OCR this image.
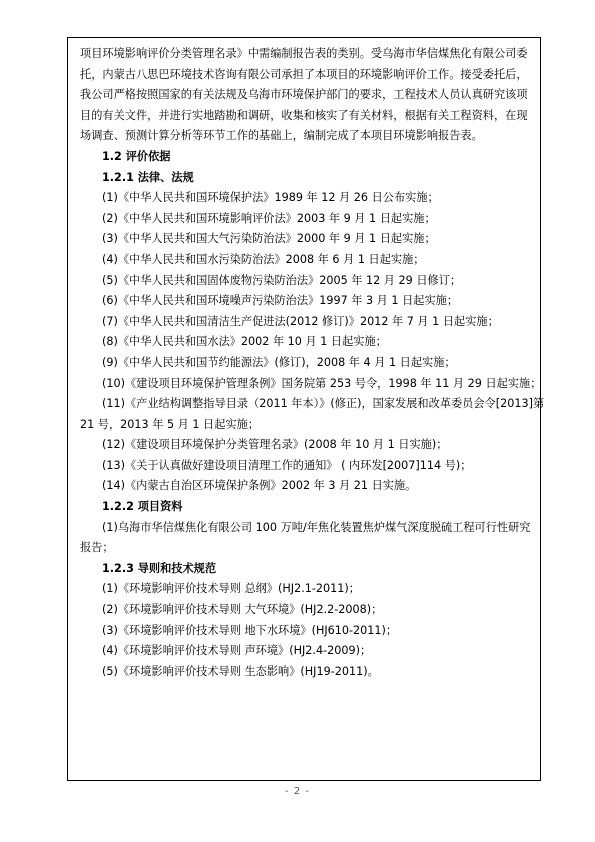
项目环境影响评价分类管理名录》中需编制报告表的类别。受乌海市华信煤焦化有限公司委
托，内蒙古八思巴环境技术咨询有限公司承担了本项目的环境影响评价工作。接受委托后，
我公司严格按照国家的有关法规及乌海市环境保护部门的要求，工程技术人员认真研究该项
目的有关文件，并进行实地踏勘和调研，收集和核实了有关材料，根据有关工程资料，在现
场调查、预测计算分析等环节工作的基础上，编制完成了本项目环境影响报告表。
1.2 评价依据
1.2.1 法律、法规
(1)《中华人民共和国环境保护法》1989 年 12 月 26 日公布实施；
(2)《中华人民共和国环境影响评价法》2003 年 9 月 1 日起实施；
(3)《中华人民共和国大气污染防治法》2000 年 9 月 1 日起实施；
(4)《中华人民共和国水污染防治法》2008 年 6 月 1 日起实施；
(5)《中华人民共和国固体废物污染防治法》2005 年 12 月 29 日修订；
(6)《中华人民共和国环境噪声污染防治法》1997 年 3 月 1 日起实施；
(7)《中华人民共和国清洁生产促进法(2012 修订)》2012 年 7 月 1 日起实施；
(8)《中华人民共和国水法》2002 年 10 月 1 日起实施；
(9)《中华人民共和国节约能源法》(修订)，2008 年 4 月 1 日起实施；
(10)《建设项目环境保护管理条例》国务院第 253 号令，1998 年 11 月 29 日起实施；
(11)《产业结构调整指导目录（2011 年本）》(修正)，国家发展和改革委员会令[2013]第
21 号，2013 年 5 月 1 日起实施；
(12)《建设项目环境保护分类管理名录》(2008 年 10 月 1 日实施)；
(13)《关于认真做好建设项目清理工作的通知》 ( 内环发[2007]114 号)；
(14)《内蒙古自治区环境保护条例》2002 年 3 月 21 日实施。
1.2.2 项目资料
(1)乌海市华信煤焦化有限公司 100 万吨/年焦化装置焦炉煤气深度脱硫工程可行性研究
报告；
1.2.3 导则和技术规范
(1)《环境影响评价技术导则 总纲》(HJ2.1-2011)；
(2)《环境影响评价技术导则 大气环境》(HJ2.2-2008)；
(3)《环境影响评价技术导则 地下水环境》(HJ610-2011)；
(4)《环境影响评价技术导则 声环境》(HJ2.4-2009)；
(5)《环境影响评价技术导则 生态影响》(HJ19-2011)。
- 2 -
